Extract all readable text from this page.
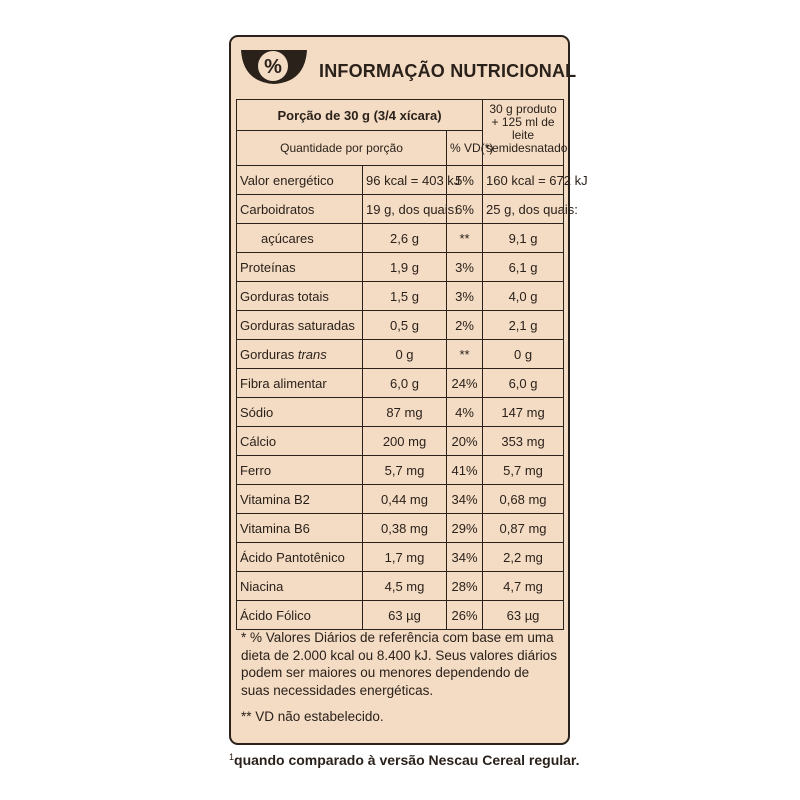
% INFORMAÇÃO NUTRICIONAL
Porção de 30 g (3/4 xícara)			30 g produto + 125 ml de leite semidesnatado
Quantidade por porção		% VD(*)	
Valor energético	96 kcal = 403 kJ	5%	160 kcal = 672 kJ
Carboidratos	19 g, dos quais:	6%	25 g, dos quais:
açúcares	2,6 g	**	9,1 g
Proteínas	1,9 g	3%	6,1 g
Gorduras totais	1,5 g	3%	4,0 g
Gorduras saturadas	0,5 g	2%	2,1 g
Gorduras trans	0 g	**	0 g
Fibra alimentar	6,0 g	24%	6,0 g
Sódio	87 mg	4%	147 mg
Cálcio	200 mg	20%	353 mg
Ferro	5,7 mg	41%	5,7 mg
Vitamina B2	0,44 mg	34%	0,68 mg
Vitamina B6	0,38 mg	29%	0,87 mg
Ácido Pantotênico	1,7 mg	34%	2,2 mg
Niacina	4,5 mg	28%	4,7 mg
Ácido Fólico	63 µg	26%	63 µg
* % Valores Diários de referência com base em uma dieta de 2.000 kcal ou 8.400 kJ. Seus valores diários podem ser maiores ou menores dependendo de suas necessidades energéticas.
** VD não estabelecido.
$^1$quando comparado à versão Nescau Cereal regular.
